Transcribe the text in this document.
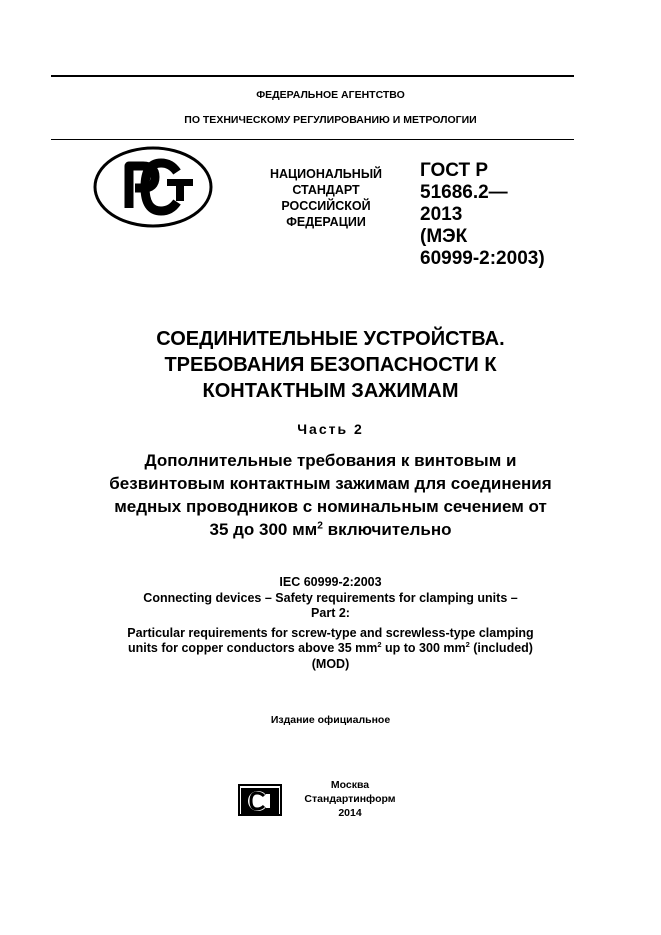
ФЕДЕРАЛЬНОЕ АГЕНТСТВО
ПО ТЕХНИЧЕСКОМУ РЕГУЛИРОВАНИЮ И МЕТРОЛОГИИ
НАЦИОНАЛЬНЫЙ
СТАНДАРТ
РОССИЙСКОЙ
ФЕДЕРАЦИИ
ГОСТ Р
51686.2—
2013
(МЭК
60999-2:2003)
СОЕДИНИТЕЛЬНЫЕ УСТРОЙСТВА.
ТРЕБОВАНИЯ БЕЗОПАСНОСТИ К
КОНТАКТНЫМ ЗАЖИМАМ
Часть 2
Дополнительные требования к винтовым и
безвинтовым контактным зажимам для соединения
медных проводников с номинальным сечением от
35 до 300 $мм^2$ включительно
IEC 60999-2:2003
Connecting devices – Safety requirements for clamping units –
Part 2:
Particular requirements for screw-type and screwless-type clamping
units for copper conductors above 35 $mm^2$ up to 300 $mm^2$ (included)
(MOD)
Издание официальное
Москва
Стандартинформ
2014
